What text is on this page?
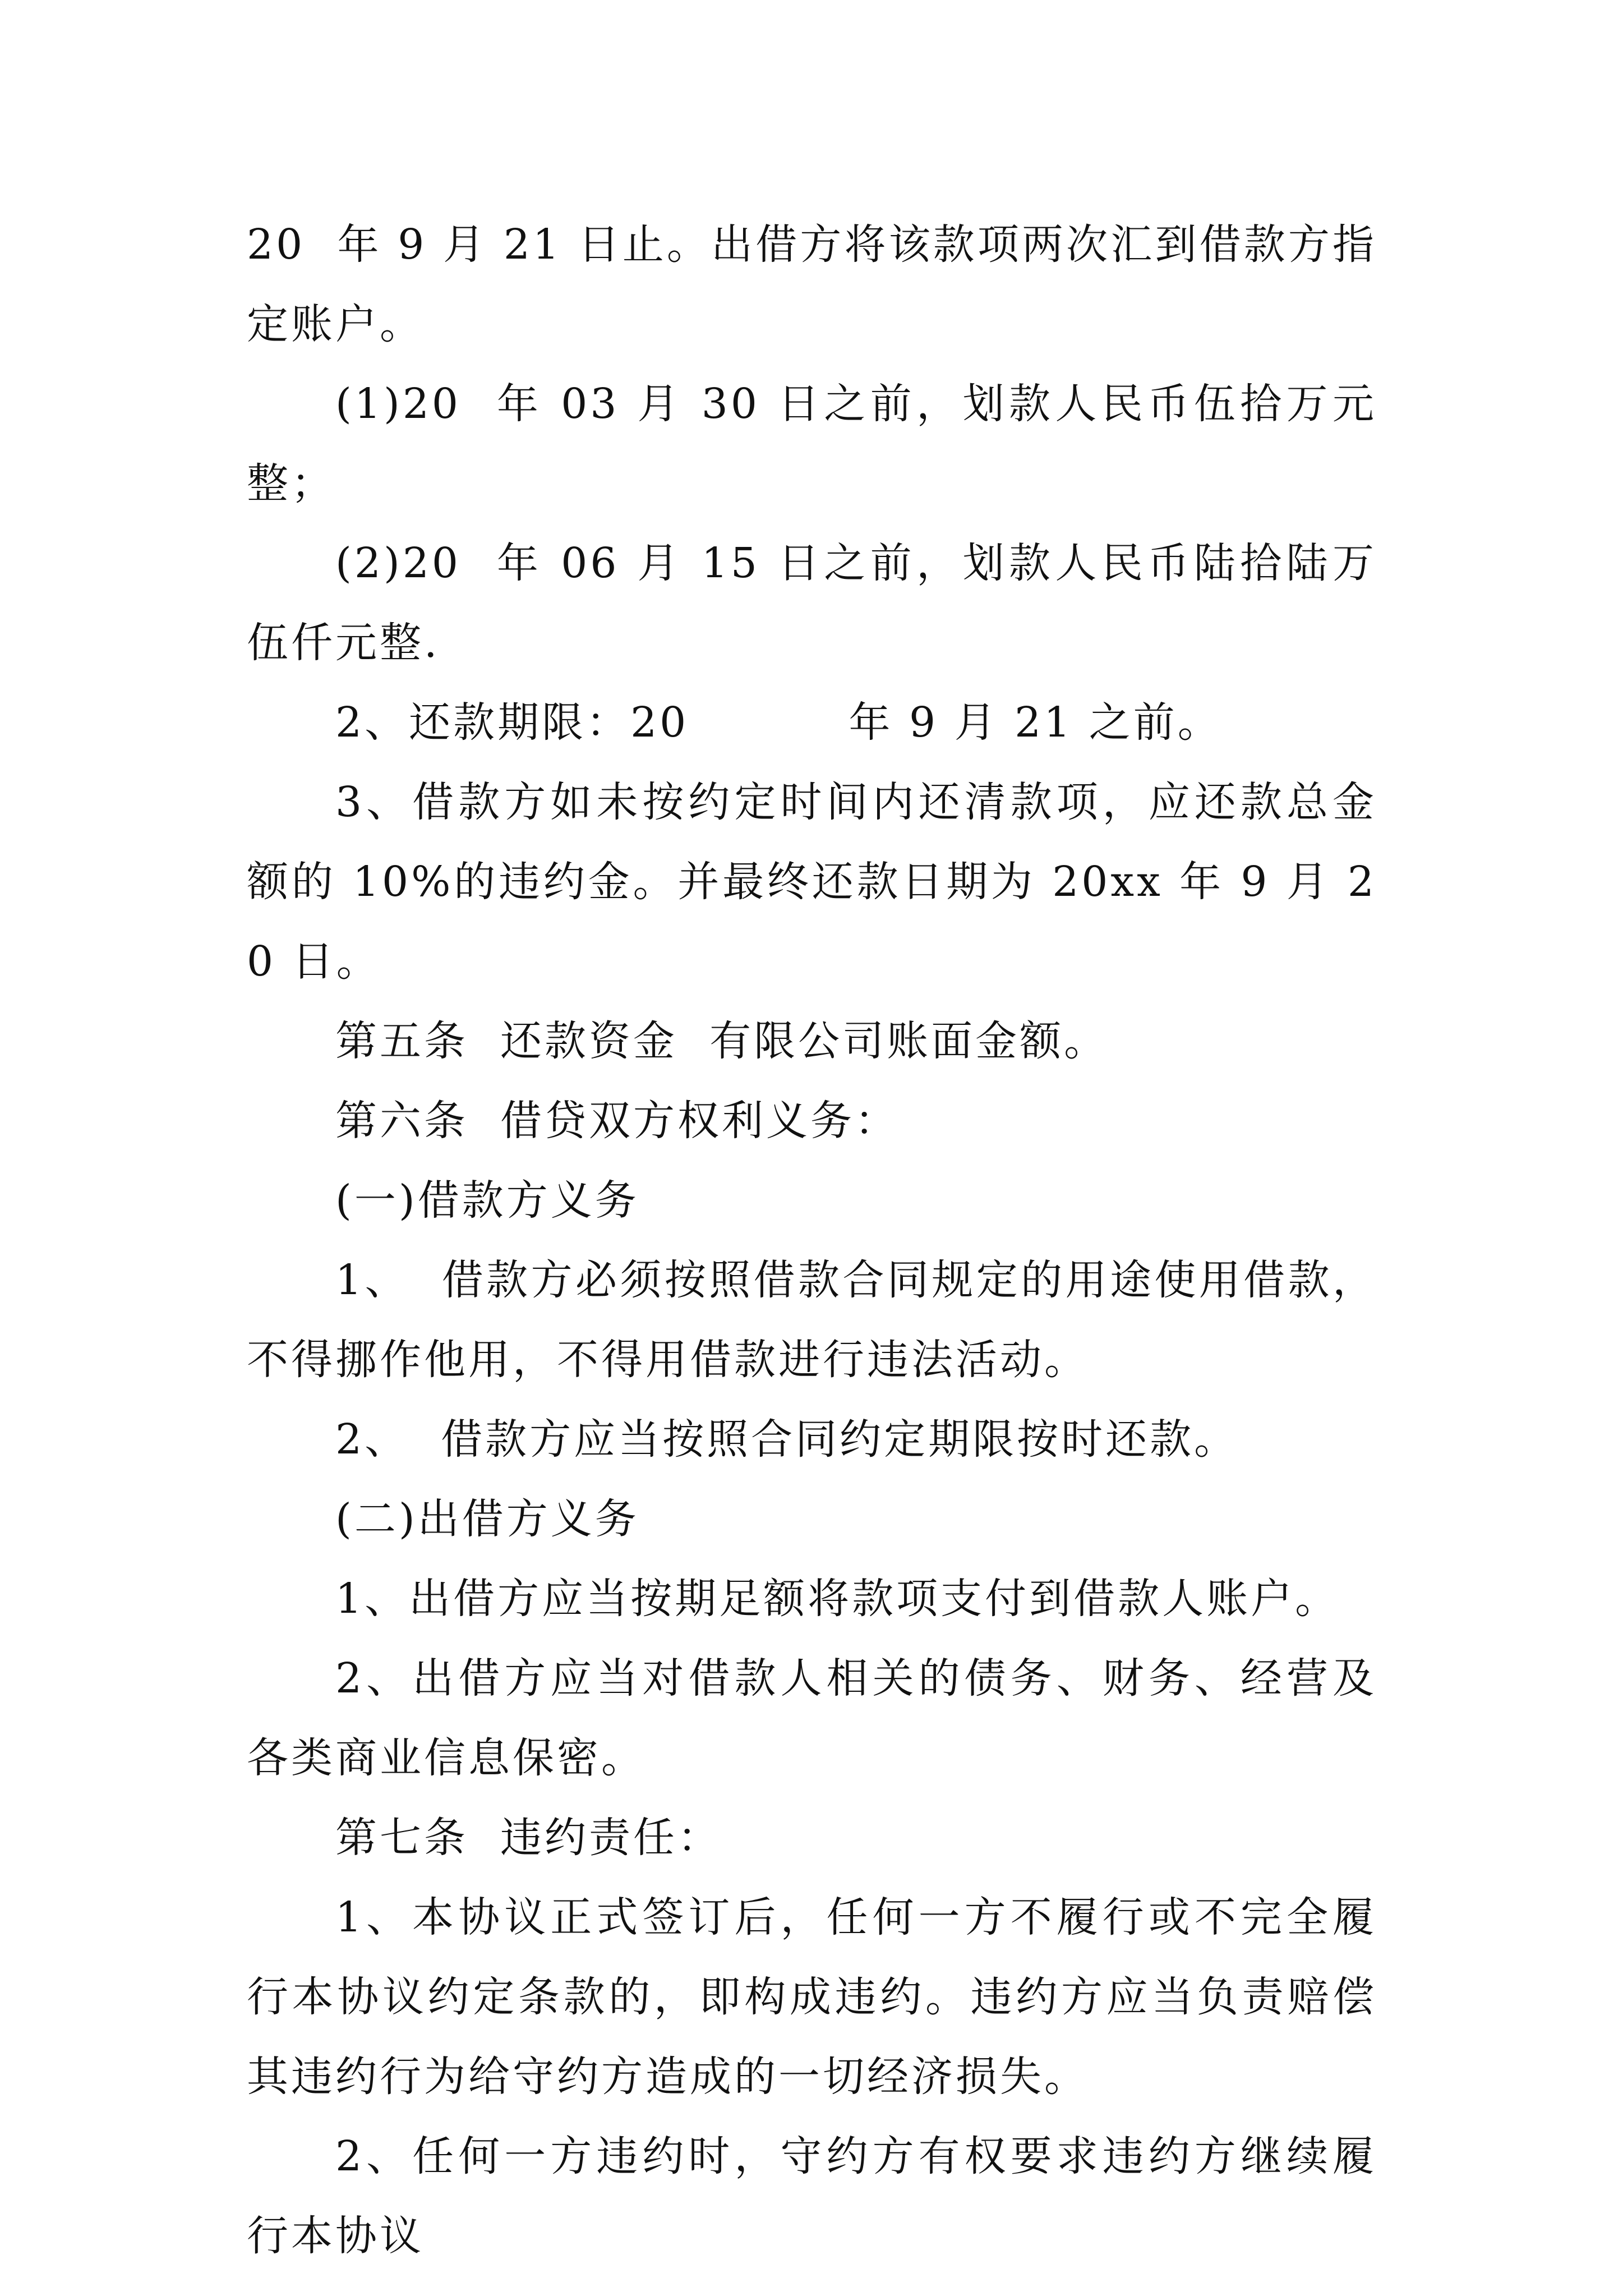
20  年 9 月 21 日止。出借方将该款项两次汇到借款方指定账户。

(1)20  年 03 月 30 日之前，划款人民币伍拾万元整；

(2)20  年 06 月 15 日之前，划款人民币陆拾陆万伍仟元整.

2、还款期限：20          年 9 月 21 之前。

3、借款方如未按约定时间内还清款项，应还款总金额的 10%的违约金。并最终还款日期为 20xx 年 9 月 20 日。

第五条  还款资金  有限公司账面金额。

第六条  借贷双方权利义务：

(一)借款方义务

1、  借款方必须按照借款合同规定的用途使用借款，不得挪作他用，不得用借款进行违法活动。

2、  借款方应当按照合同约定期限按时还款。

(二)出借方义务

1、出借方应当按期足额将款项支付到借款人账户。

2、出借方应当对借款人相关的债务、财务、经营及各类商业信息保密。

第七条  违约责任：

1、本协议正式签订后，任何一方不履行或不完全履行本协议约定条款的，即构成违约。违约方应当负责赔偿其违约行为给守约方造成的一切经济损失。

2、任何一方违约时，守约方有权要求违约方继续履行本协议
